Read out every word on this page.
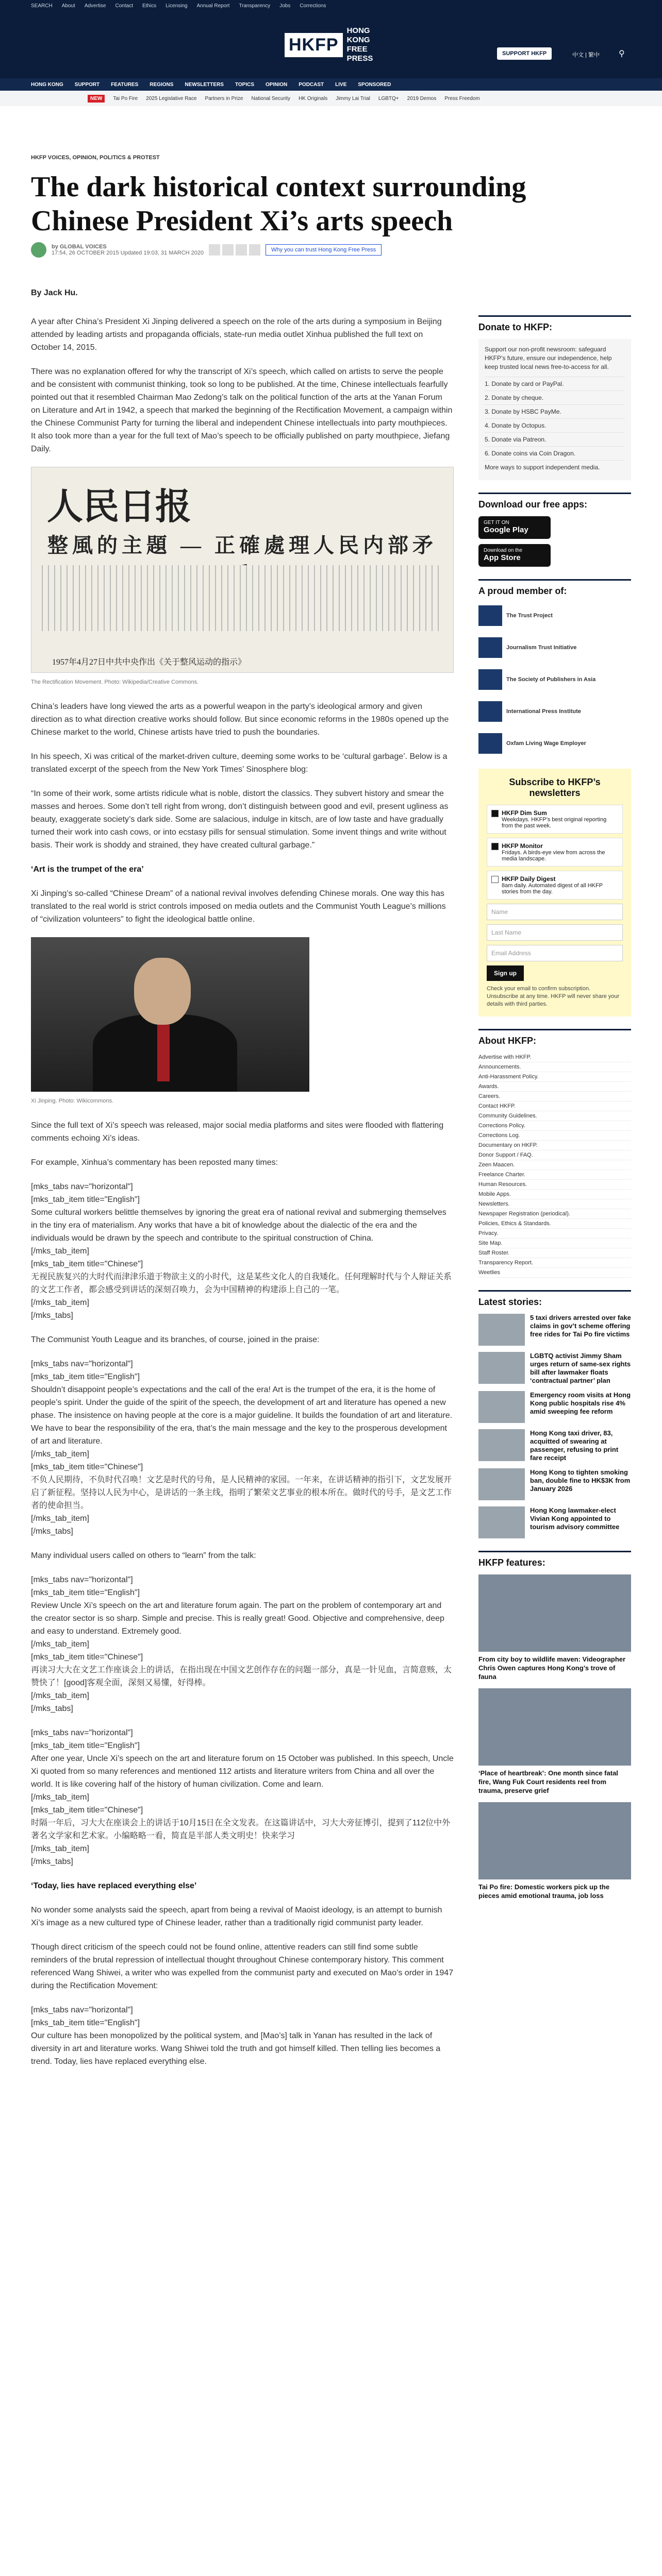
SEARCH About Advertise Contact Ethics Licensing Annual Report Transparency Jobs Corrections
HKFP
HONG KONG
FREE PRESS
SUPPORT HKFP	中文 | 繁中 ⚲
HONG KONG SUPPORT FEATURES REGIONS NEWSLETTERS TOPICS OPINION PODCAST LIVE SPONSORED
NEW	Tai Po Fire 2025 Legislative Race Partners in Prize National Security HK Originals Jimmy Lai Trial LGBTQ+ 2019 Demos Press Freedom
HKFP VOICES, OPINION, POLITICS & PROTEST
The dark historical context surrounding Chinese President Xi’s arts speech
by GLOBAL VOICES
17:54, 26 OCTOBER 2015 Updated 19:03, 31 MARCH 2020	Why you can trust Hong Kong Free Press
By Jack Hu.

A year after China’s President Xi Jinping delivered a speech on the role of the arts during a symposium in Beijing attended by leading artists and propaganda officials, state-run media outlet Xinhua published the full text on October 14, 2015.

There was no explanation offered for why the transcript of Xi’s speech, which called on artists to serve the people and be consistent with communist thinking, took so long to be published. At the time, Chinese intellectuals fearfully pointed out that it resembled Chairman Mao Zedong’s talk on the political function of the arts at the Yanan Forum on Literature and Art in 1942, a speech that marked the beginning of the Rectification Movement, a campaign within the Chinese Communist Party for turning the liberal and independent Chinese intellectuals into party mouthpieces. It also took more than a year for the full text of Mao’s speech to be officially published on party mouthpiece, Jiefang Daily.

人民日报
整風的主題 — 正確處理人民内部矛
1957年4月27日中共中央作出《关于整风运动的指示》
The Rectification Movement. Photo: Wikipedia/Creative Commons.

China’s leaders have long viewed the arts as a powerful weapon in the party’s ideological armory and given direction as to what direction creative works should follow. But since economic reforms in the 1980s opened up the Chinese market to the world, Chinese artists have tried to push the boundaries.

In his speech, Xi was critical of the market-driven culture, deeming some works to be ‘cultural garbage’. Below is a translated excerpt of the speech from the New York Times’ Sinosphere blog:

“In some of their work, some artists ridicule what is noble, distort the classics. They subvert history and smear the masses and heroes. Some don’t tell right from wrong, don’t distinguish between good and evil, present ugliness as beauty, exaggerate society’s dark side. Some are salacious, indulge in kitsch, are of low taste and have gradually turned their work into cash cows, or into ecstasy pills for sensual stimulation. Some invent things and write without basis. Their work is shoddy and strained, they have created cultural garbage.”

‘Art is the trumpet of the era’

Xi Jinping’s so-called “Chinese Dream” of a national revival involves defending Chinese morals. One way this has translated to the real world is strict controls imposed on media outlets and the Communist Youth League’s millions of “civilization volunteers” to fight the ideological battle online.

Xi Jinping. Photo: Wikicommons.

Since the full text of Xi’s speech was released, major social media platforms and sites were flooded with flattering comments echoing Xi’s ideas.

For example, Xinhua’s commentary has been reposted many times:

[mks_tabs nav="horizontal"]
[mks_tab_item title="English"]
Some cultural workers belittle themselves by ignoring the great era of national revival and submerging themselves in the tiny era of materialism. Any works that have a bit of knowledge about the dialectic of the era and the individuals would be drawn by the speech and contribute to the spiritual construction of China.
[/mks_tab_item]
[mks_tab_item title="Chinese"]
无视民族复兴的大时代而津津乐道于物欲主义的小时代，这是某些文化人的自我矮化。任何理解时代与个人辩证关系的文艺工作者，都会感受到讲话的深刻召唤力，会为中国精神的构建添上自己的一笔。
[/mks_tab_item]
[/mks_tabs]

The Communist Youth League and its branches, of course, joined in the praise:

[mks_tabs nav="horizontal"]
[mks_tab_item title="English"]
Shouldn’t disappoint people’s expectations and the call of the era! Art is the trumpet of the era, it is the home of people’s spirit. Under the guide of the spirit of the speech, the development of art and literature has opened a new phase. The insistence on having people at the core is a major guideline. It builds the foundation of art and literature. We have to bear the responsibility of the era, that’s the main message and the key to the prosperous development of art and literature.
[/mks_tab_item]
[mks_tab_item title="Chinese"]
不负人民期待，不负时代召唤！文艺是时代的号角，是人民精神的家园。一年来，在讲话精神的指引下，文艺发展开启了新征程。坚持以人民为中心，是讲话的一条主线，指明了繁荣文艺事业的根本所在。做时代的号手，是文艺工作者的使命担当。
[/mks_tab_item]
[/mks_tabs]

Many individual users called on others to “learn” from the talk:

[mks_tabs nav="horizontal"]
[mks_tab_item title="English"]
Review Uncle Xi’s speech on the art and literature forum again. The part on the problem of contemporary art and the creator sector is so sharp. Simple and precise. This is really great! Good. Objective and comprehensive, deep and easy to understand. Extremely good.
[/mks_tab_item]
[mks_tab_item title="Chinese"]
再读习大大在文艺工作座谈会上的讲话，在指出现在中国文艺创作存在的问题一部分，真是一针见血，言简意赅，太赞快了！[good]客观全面，深刻又易懂，好得棒。
[/mks_tab_item]
[/mks_tabs]

[mks_tabs nav="horizontal"]
[mks_tab_item title="English"]
After one year, Uncle Xi’s speech on the art and literature forum on 15 October was published. In this speech, Uncle Xi quoted from so many references and mentioned 112 artists and literature writers from China and all over the world. It is like covering half of the history of human civilization. Come and learn.
[/mks_tab_item]
[mks_tab_item title="Chinese"]
时隔一年后，习大大在座谈会上的讲话于10月15日在全文发表。在这篇讲话中，习大大旁征博引，提到了112位中外著名文学家和艺术家。小编略略一看，简直是半部人类文明史！快来学习
[/mks_tab_item]
[/mks_tabs]

‘Today, lies have replaced everything else’

No wonder some analysts said the speech, apart from being a revival of Maoist ideology, is an attempt to burnish Xi’s image as a new cultured type of Chinese leader, rather than a traditionally rigid communist party leader.

Though direct criticism of the speech could not be found online, attentive readers can still find some subtle reminders of the brutal repression of intellectual thought throughout Chinese contemporary history. This comment referenced Wang Shiwei, a writer who was expelled from the communist party and executed on Mao’s order in 1947 during the Rectification Movement:

[mks_tabs nav="horizontal"]
[mks_tab_item title="English"]
Our culture has been monopolized by the political system, and [Mao’s] talk in Yanan has resulted in the lack of diversity in art and literature works. Wang Shiwei told the truth and got himself killed. Then telling lies becomes a trend. Today, lies have replaced everything else.

Donate to HKFP:

Support our non-profit newsroom: safeguard HKFP’s future, ensure our independence, help keep trusted local news free-to-access for all.

1. Donate by card or PayPal.
2. Donate by cheque.
3. Donate by HSBC PayMe.
4. Donate by Octopus.
5. Donate via Patreon.
6. Donate coins via Coin Dragon.
More ways to support independent media.
Download our free apps:
GET IT ON
Google Play
Download on the
App Store
A proud member of:
The Trust Project
Journalism Trust Initiative
The Society of Publishers in Asia
International Press Institute
Oxfam Living Wage Employer
Subscribe to HKFP’s newsletters
HKFP Dim Sum
Weekdays. HKFP’s best original reporting from the past week.
HKFP Monitor
Fridays. A birds-eye view from across the media landscape.
HKFP Daily Digest
8am daily. Automated digest of all HKFP stories from the day.
Name
Last Name
Email Address
Sign up

Check your email to confirm subscription. Unsubscribe at any time. HKFP will never share your details with third parties.

About HKFP:
Advertise with HKFP.
Announcements.
Anti-Harassment Policy.
Awards.
Careers.
Contact HKFP.
Community Guidelines.
Corrections Policy.
Corrections Log.
Documentary on HKFP.
Donor Support / FAQ.
Zeen Maacen.
Freelance Charter.
Human Resources.
Mobile Apps.
Newsletters.
Newspaper Registration (periodical).
Policies, Ethics & Standards.
Privacy.
Site Map.
Staff Roster.
Transparency Report.
Weetlies
Latest stories:
5 taxi drivers arrested over fake claims in gov’t scheme offering free rides for Tai Po fire victims
LGBTQ activist Jimmy Sham urges return of same-sex rights bill after lawmaker floats ‘contractual partner’ plan
Emergency room visits at Hong Kong public hospitals rise 4% amid sweeping fee reform
Hong Kong taxi driver, 83, acquitted of swearing at passenger, refusing to print fare receipt
Hong Kong to tighten smoking ban, double fine to HK$3K from January 2026
Hong Kong lawmaker-elect Vivian Kong appointed to tourism advisory committee
HKFP features:
From city boy to wildlife maven: Videographer Chris Owen captures Hong Kong’s trove of fauna
‘Place of heartbreak’: One month since fatal fire, Wang Fuk Court residents reel from trauma, preserve grief
Tai Po fire: Domestic workers pick up the pieces amid emotional trauma, job loss
